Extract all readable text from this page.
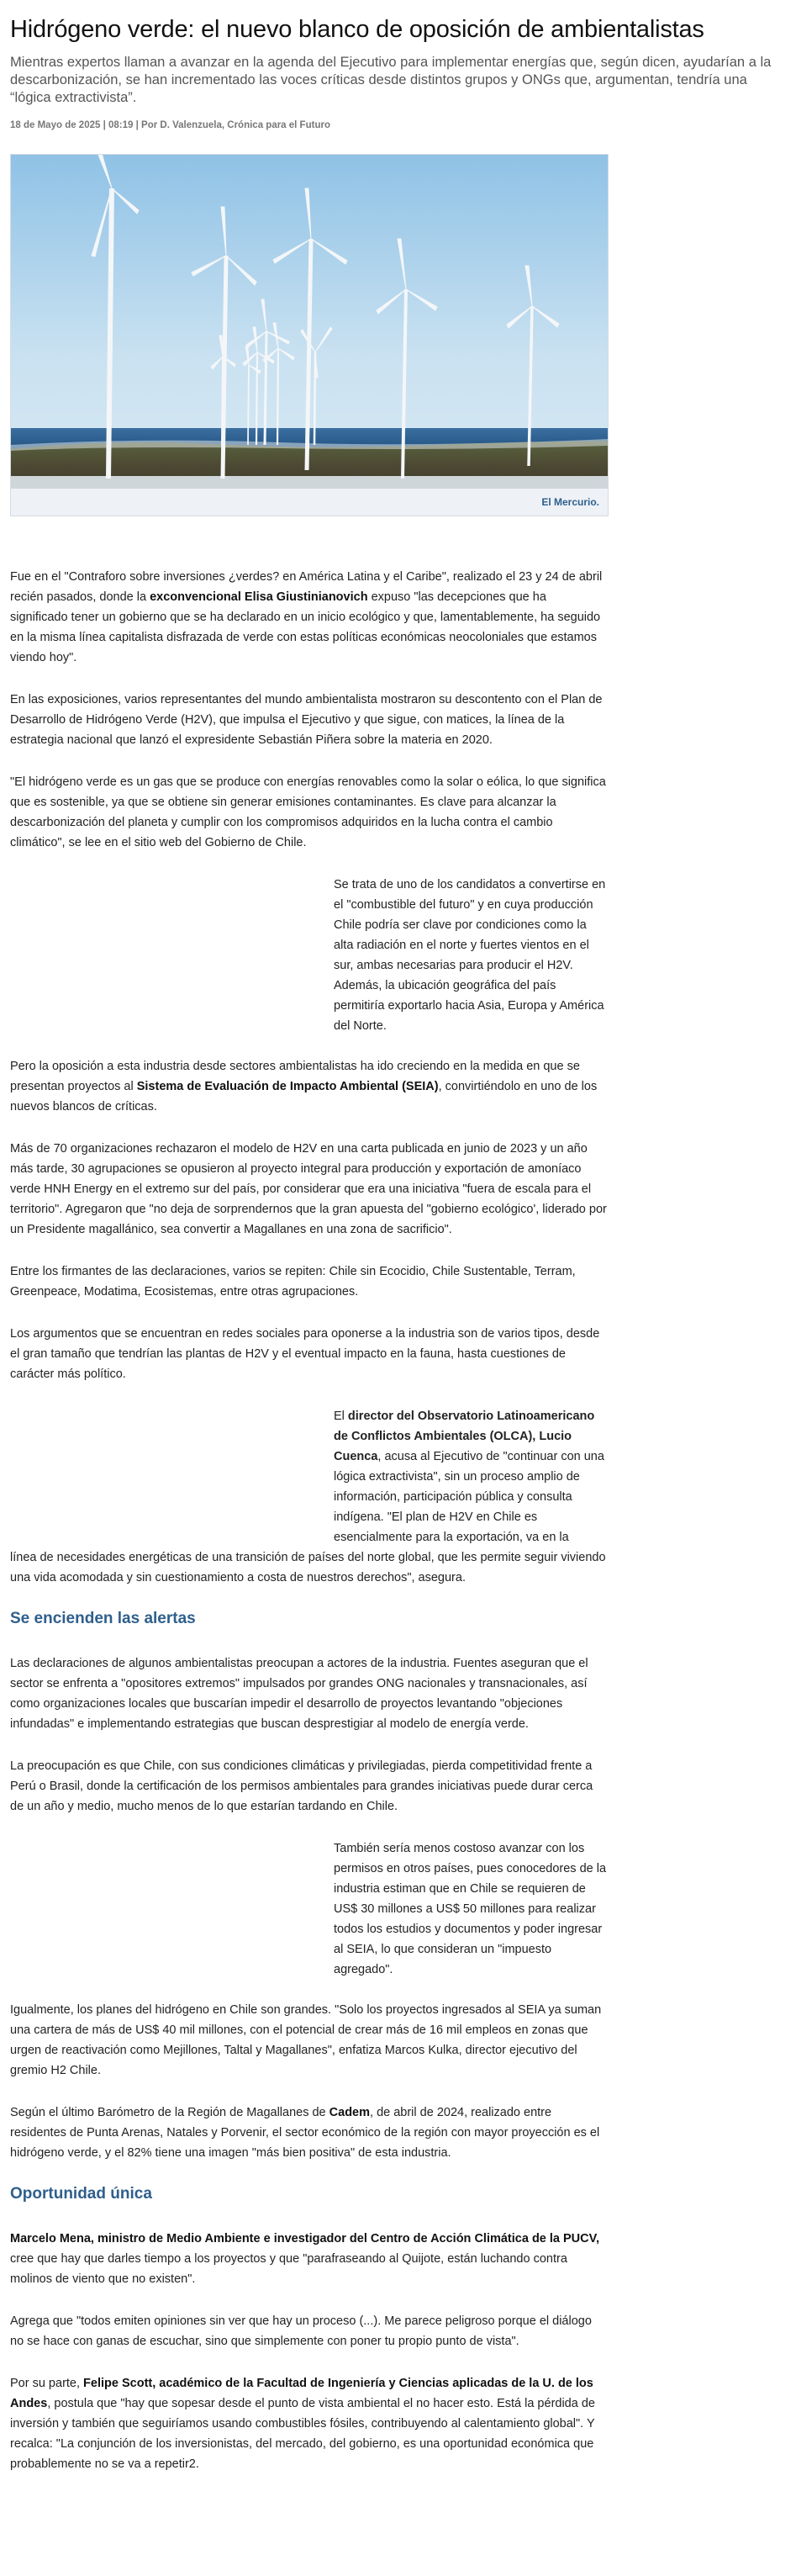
Hidrógeno verde: el nuevo blanco de oposición de ambientalistas
Mientras expertos llaman a avanzar en la agenda del Ejecutivo para implementar energías que, según dicen, ayudarían a la descarbonización, se han incrementado las voces críticas desde distintos grupos y ONGs que, argumentan, tendría una “lógica extractivista”.
18 de Mayo de 2025 | 08:19 | Por D. Valenzuela, Crónica para el Futuro
El Mercurio.

Fue en el "Contraforo sobre inversiones ¿verdes? en América Latina y el Caribe", realizado el 23 y 24 de abril recién pasados, donde la exconvencional Elisa Giustinianovich expuso "las decepciones que ha significado tener un gobierno que se ha declarado en un inicio ecológico y que, lamentablemente, ha seguido en la misma línea capitalista disfrazada de verde con estas políticas económicas neocoloniales que estamos viendo hoy".

En las exposiciones, varios representantes del mundo ambientalista mostraron su descontento con el Plan de Desarrollo de Hidrógeno Verde (H2V), que impulsa el Ejecutivo y que sigue, con matices, la línea de la estrategia nacional que lanzó el expresidente Sebastián Piñera sobre la materia en 2020.

"El hidrógeno verde es un gas que se produce con energías renovables como la solar o eólica, lo que significa que es sostenible, ya que se obtiene sin generar emisiones contaminantes. Es clave para alcanzar la descarbonización del planeta y cumplir con los compromisos adquiridos en la lucha contra el cambio climático", se lee en el sitio web del Gobierno de Chile.

Se trata de uno de los candidatos a convertirse en el "combustible del futuro" y en cuya producción Chile podría ser clave por condiciones como la alta radiación en el norte y fuertes vientos en el sur, ambas necesarias para producir el H2V. Además, la ubicación geográfica del país permitiría exportarlo hacia Asia, Europa y América del Norte.

Pero la oposición a esta industria desde sectores ambientalistas ha ido creciendo en la medida en que se presentan proyectos al Sistema de Evaluación de Impacto Ambiental (SEIA), convirtiéndolo en uno de los nuevos blancos de críticas.

Más de 70 organizaciones rechazaron el modelo de H2V en una carta publicada en junio de 2023 y un año más tarde, 30 agrupaciones se opusieron al proyecto integral para producción y exportación de amoníaco verde HNH Energy en el extremo sur del país, por considerar que era una iniciativa "fuera de escala para el territorio". Agregaron que "no deja de sorprendernos que la gran apuesta del "gobierno ecológico', liderado por un Presidente magallánico, sea convertir a Magallanes en una zona de sacrificio".

Entre los firmantes de las declaraciones, varios se repiten: Chile sin Ecocidio, Chile Sustentable, Terram, Greenpeace, Modatima, Ecosistemas, entre otras agrupaciones.

Los argumentos que se encuentran en redes sociales para oponerse a la industria son de varios tipos, desde el gran tamaño que tendrían las plantas de H2V y el eventual impacto en la fauna, hasta cuestiones de carácter más político.

El director del Observatorio Latinoamericano de Conflictos Ambientales (OLCA), Lucio Cuenca, acusa al Ejecutivo de "continuar con una lógica extractivista", sin un proceso amplio de información, participación pública y consulta indígena. "El plan de H2V en Chile es esencialmente para la exportación, va en la
línea de necesidades energéticas de una transición de países del norte global, que les permite seguir viviendo una vida acomodada y sin cuestionamiento a costa de nuestros derechos", asegura.
Se encienden las alertas

Las declaraciones de algunos ambientalistas preocupan a actores de la industria. Fuentes aseguran que el sector se enfrenta a "opositores extremos" impulsados por grandes ONG nacionales y transnacionales, así como organizaciones locales que buscarían impedir el desarrollo de proyectos levantando "objeciones infundadas" e implementando estrategias que buscan desprestigiar al modelo de energía verde.

La preocupación es que Chile, con sus condiciones climáticas y privilegiadas, pierda competitividad frente a Perú o Brasil, donde la certificación de los permisos ambientales para grandes iniciativas puede durar cerca de un año y medio, mucho menos de lo que estarían tardando en Chile.

También sería menos costoso avanzar con los permisos en otros países, pues conocedores de la industria estiman que en Chile se requieren de US$ 30 millones a US$ 50 millones para realizar todos los estudios y documentos y poder ingresar al SEIA, lo que consideran un "impuesto agregado".

Igualmente, los planes del hidrógeno en Chile son grandes. "Solo los proyectos ingresados al SEIA ya suman una cartera de más de US$ 40 mil millones, con el potencial de crear más de 16 mil empleos en zonas que urgen de reactivación como Mejillones, Taltal y Magallanes", enfatiza Marcos Kulka, director ejecutivo del gremio H2 Chile.

Según el último Barómetro de la Región de Magallanes de Cadem, de abril de 2024, realizado entre residentes de Punta Arenas, Natales y Porvenir, el sector económico de la región con mayor proyección es el hidrógeno verde, y el 82% tiene una imagen "más bien positiva" de esta industria.

Oportunidad única

Marcelo Mena, ministro de Medio Ambiente e investigador del Centro de Acción Climática de la PUCV, cree que hay que darles tiempo a los proyectos y que "parafraseando al Quijote, están luchando contra molinos de viento que no existen".

Agrega que "todos emiten opiniones sin ver que hay un proceso (...). Me parece peligroso porque el diálogo no se hace con ganas de escuchar, sino que simplemente con poner tu propio punto de vista".

Por su parte, Felipe Scott, académico de la Facultad de Ingeniería y Ciencias aplicadas de la U. de los Andes, postula que "hay que sopesar desde el punto de vista ambiental el no hacer esto. Está la pérdida de inversión y también que seguiríamos usando combustibles fósiles, contribuyendo al calentamiento global". Y recalca: "La conjunción de los inversionistas, del mercado, del gobierno, es una oportunidad económica que probablemente no se va a repetir2.
